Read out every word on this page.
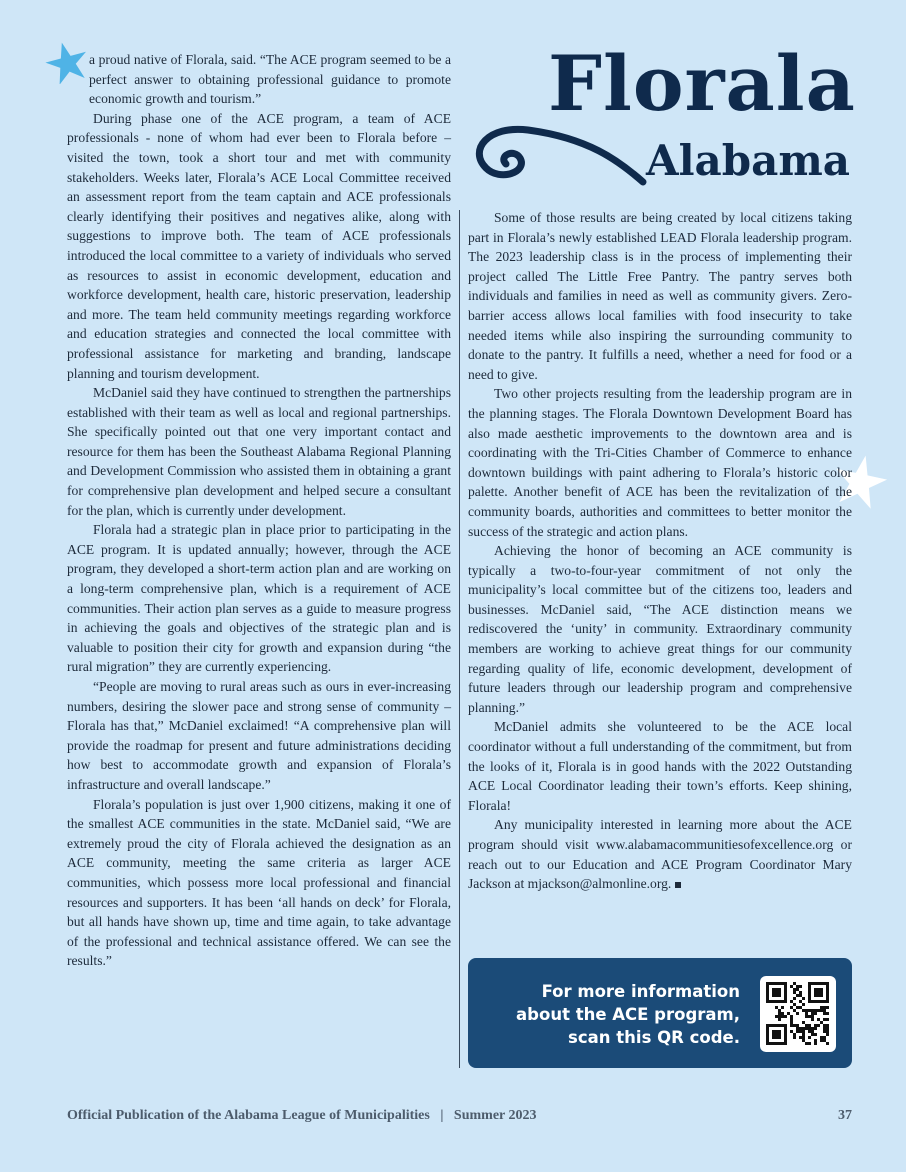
Florala
Alabama

a proud native of Florala, said. “The ACE program seemed to be a perfect answer to obtaining professional guidance to promote economic growth and tourism.”

During phase one of the ACE program, a team of ACE professionals - none of whom had ever been to Florala before – visited the town, took a short tour and met with community stakeholders. Weeks later, Florala’s ACE Local Committee received an assessment report from the team captain and ACE professionals clearly identifying their positives and negatives alike, along with suggestions to improve both. The team of ACE professionals introduced the local committee to a variety of individuals who served as resources to assist in economic development, education and workforce development, health care, historic preservation, leadership and more. The team held community meetings regarding workforce and education strategies and connected the local committee with professional assistance for marketing and branding, landscape planning and tourism development.

McDaniel said they have continued to strengthen the partnerships established with their team as well as local and regional partnerships. She specifically pointed out that one very important contact and resource for them has been the Southeast Alabama Regional Planning and Development Commission who assisted them in obtaining a grant for comprehensive plan development and helped secure a consultant for the plan, which is currently under development.

Florala had a strategic plan in place prior to participating in the ACE program. It is updated annually; however, through the ACE program, they developed a short-term action plan and are working on a long-term comprehensive plan, which is a requirement of ACE communities. Their action plan serves as a guide to measure progress in achieving the goals and objectives of the strategic plan and is valuable to position their city for growth and expansion during “the rural migration” they are currently experiencing.

“People are moving to rural areas such as ours in ever-increasing numbers, desiring the slower pace and strong sense of community – Florala has that,” McDaniel exclaimed! “A comprehensive plan will provide the roadmap for present and future administrations deciding how best to accommodate growth and expansion of Florala’s infrastructure and overall landscape.”

Florala’s population is just over 1,900 citizens, making it one of the smallest ACE communities in the state. McDaniel said, “We are extremely proud the city of Florala achieved the designation as an ACE community, meeting the same criteria as larger ACE communities, which possess more local professional and financial resources and supporters. It has been ‘all hands on deck’ for Florala, but all hands have shown up, time and time again, to take advantage of the professional and technical assistance offered. We can see the results.”

Some of those results are being created by local citizens taking part in Florala’s newly established LEAD Florala leadership program. The 2023 leadership class is in the process of implementing their project called The Little Free Pantry. The pantry serves both individuals and families in need as well as community givers. Zero-barrier access allows local families with food insecurity to take needed items while also inspiring the surrounding community to donate to the pantry. It fulfills a need, whether a need for food or a need to give.

Two other projects resulting from the leadership program are in the planning stages. The Florala Downtown Development Board has also made aesthetic improvements to the downtown area and is coordinating with the Tri-Cities Chamber of Commerce to enhance downtown buildings with paint adhering to Florala’s historic color palette. Another benefit of ACE has been the revitalization of the community boards, authorities and committees to better monitor the success of the strategic and action plans.

Achieving the honor of becoming an ACE community is typically a two-to-four-year commitment of not only the municipality’s local committee but of the citizens too, leaders and businesses. McDaniel said, “The ACE distinction means we rediscovered the ‘unity’ in community. Extraordinary community members are working to achieve great things for our community regarding quality of life, economic development, development of future leaders through our leadership program and comprehensive planning.”

McDaniel admits she volunteered to be the ACE local coordinator without a full understanding of the commitment, but from the looks of it, Florala is in good hands with the 2022 Outstanding ACE Local Coordinator leading their town’s efforts. Keep shining, Florala!

Any municipality interested in learning more about the ACE program should visit www.alabamacommunitiesofexcellence.org or reach out to our Education and ACE Program Coordinator Mary Jackson at mjackson@almonline.org.

For more information
about the ACE program,
scan this QR code.
Official Publication of the Alabama League of Municipalities | Summer 2023	37
